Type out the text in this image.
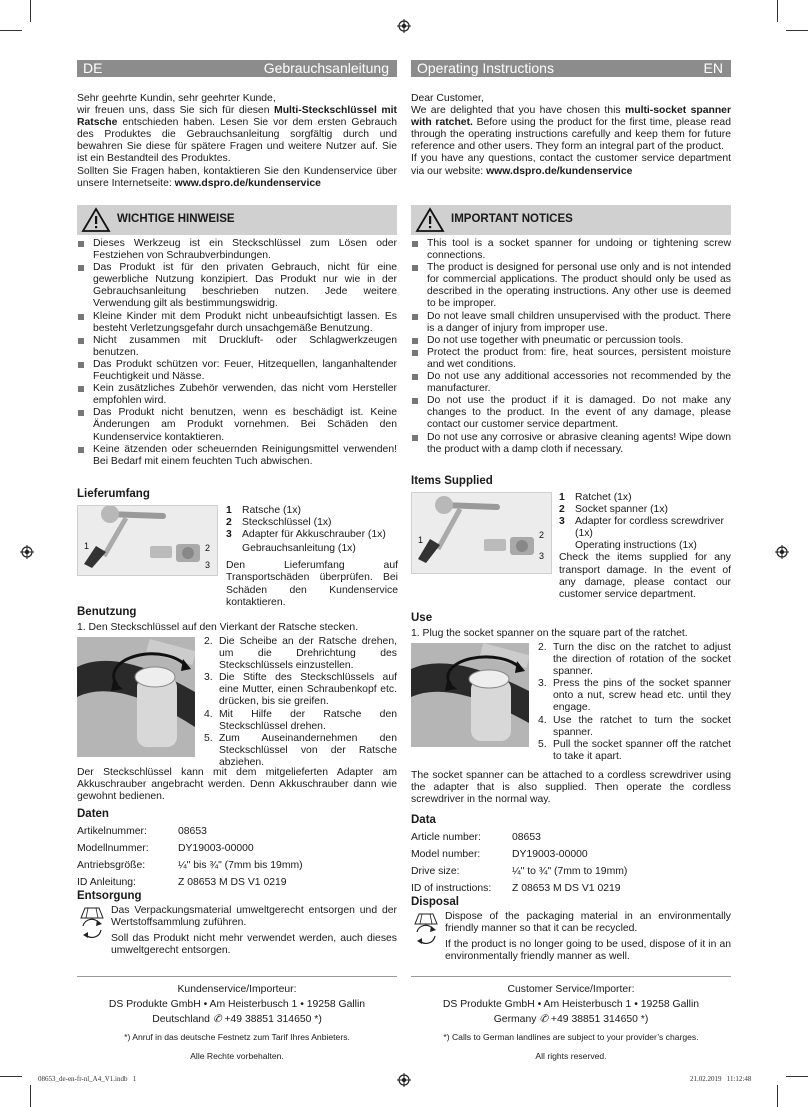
DE	Gebrauchsanleitung Operating Instructions	EN

Sehr geehrte Kundin, sehr geehrter Kunde,

wir freuen uns, dass Sie sich für diesen Multi-Steckschlüssel mit Ratsche entschieden haben. Lesen Sie vor dem ersten Gebrauch des Produktes die Gebrauchsanleitung sorgfältig durch und bewahren Sie diese für spätere Fragen und weitere Nutzer auf. Sie ist ein Bestandteil des Produktes.

Sollten Sie Fragen haben, kontaktieren Sie den Kundenservice über unsere Internetseite: www.dspro.de/kundenservice

Dear Customer,

We are delighted that you have chosen this multi-socket spanner with ratchet. Before using the product for the first time, please read through the operating instructions carefully and keep them for future reference and other users. They form an integral part of the product.

If you have any questions, contact the customer service department via our website: www.dspro.de/kundenservice

WICHTIGE HINWEISE	IMPORTANT NOTICES
Dieses Werkzeug ist ein Steckschlüssel zum Lösen oder Festziehen von Schraubverbindungen.
Das Produkt ist für den privaten Gebrauch, nicht für eine gewerbliche Nutzung konzipiert. Das Produkt nur wie in der Gebrauchsanleitung beschrieben nutzen. Jede weitere Verwendung gilt als bestimmungswidrig.
Kleine Kinder mit dem Produkt nicht unbeaufsichtigt lassen. Es besteht Verletzungsgefahr durch unsachgemäße Benutzung.
Nicht zusammen mit Druckluft- oder Schlagwerkzeugen benutzen.
Das Produkt schützen vor: Feuer, Hitzequellen, langanhaltender Feuchtigkeit und Nässe.
Kein zusätzliches Zubehör verwenden, das nicht vom Hersteller empfohlen wird.
Das Produkt nicht benutzen, wenn es beschädigt ist. Keine Änderungen am Produkt vornehmen. Bei Schäden den Kundenservice kontaktieren.
Keine ätzenden oder scheuernden Reinigungsmittel verwenden! Bei Bedarf mit einem feuchten Tuch abwischen.
This tool is a socket spanner for undoing or tightening screw connections.
The product is designed for personal use only and is not intended for commercial applications. The product should only be used as described in the operating instructions. Any other use is deemed to be improper.
Do not leave small children unsupervised with the product. There is a danger of injury from improper use.
Do not use together with pneumatic or percussion tools.
Protect the product from: fire, heat sources, persistent moisture and wet conditions.
Do not use any additional accessories not recommended by the manufacturer.
Do not use the product if it is damaged. Do not make any changes to the product. In the event of any damage, please contact our customer service department.
Do not use any corrosive or abrasive cleaning agents! Wipe down the product with a damp cloth if necessary.
Lieferumfang
1	2
3
1 Ratsche (1x)
2 Steckschlüssel (1x)
3 Adapter für Akkuschrauber (1x)
Gebrauchsanleitung (1x)

Den Lieferumfang auf Transportschäden überprüfen. Bei Schäden den Kundenservice kontaktieren.

Items Supplied
1	2
3
1 Ratchet (1x)
2 Socket spanner (1x)
3 Adapter for cordless screwdriver (1x)
Operating instructions (1x)

Check the items supplied for any transport damage. In the event of any damage, please contact our customer service department.

Benutzung
1. Den Steckschlüssel auf den Vierkant der Ratsche stecken.
2. Die Scheibe an der Ratsche drehen, um die Drehrichtung des Steckschlüssels einzustellen.
3. Die Stifte des Steckschlüssels auf eine Mutter, einen Schraubenkopf etc. drücken, bis sie greifen.
4. Mit Hilfe der Ratsche den Steckschlüssel drehen.
5. Zum Auseinandernehmen den Steckschlüssel von der Ratsche abziehen.

Der Steckschlüssel kann mit dem mitgelieferten Adapter am Akkuschrauber angebracht werden. Denn Akkuschrauber dann wie gewohnt bedienen.

Use
1. Plug the socket spanner on the square part of the ratchet.
2. Turn the disc on the ratchet to adjust the direction of rotation of the socket spanner.
3. Press the pins of the socket spanner onto a nut, screw head etc. until they engage.
4. Use the ratchet to turn the socket spanner.
5. Pull the socket spanner off the ratchet to take it apart.

The socket spanner can be attached to a cordless screwdriver using the adapter that is also supplied. Then operate the cordless screwdriver in the normal way.

Daten
Artikelnummer:	08653
Modellnummer:	DY19003-00000
Antriebsgröße:	¼" bis ¾" (7mm bis 19mm)
ID Anleitung:	Z 08653 M DS V1 0219
Data
Article number:	08653
Model number:	DY19003-00000
Drive size:	¼" to ¾" (7mm to 19mm)
ID of instructions:	Z 08653 M DS V1 0219
Entsorgung

Das Verpackungsmaterial umweltgerecht entsorgen und der Wertstoffsammlung zuführen.

Soll das Produkt nicht mehr verwendet werden, auch dieses umweltgerecht entsorgen.

Disposal

Dispose of the packaging material in an environmentally friendly manner so that it can be recycled.

If the product is no longer going to be used, dispose of it in an environmentally friendly manner as well.

Kundenservice/Importeur:
DS Produkte GmbH • Am Heisterbusch 1 • 19258 Gallin
Deutschland ✆ +49 38851 314650 *)
*) Anruf in das deutsche Festnetz zum Tarif Ihres Anbieters.
Alle Rechte vorbehalten.
Customer Service/Importer:
DS Produkte GmbH • Am Heisterbusch 1 • 19258 Gallin
Germany ✆ +49 38851 314650 *)
*) Calls to German landlines are subject to your provider’s charges.
All rights reserved.
08653_de-en-fr-nl_A4_V1.indb   1	21.02.2019   11:12:48
